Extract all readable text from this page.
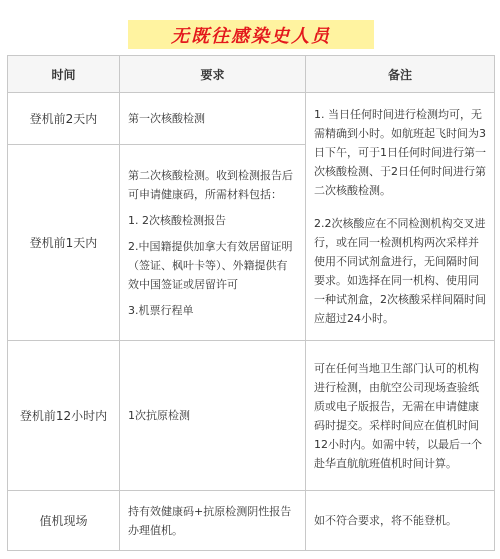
无既往感染史人员
时间	要求	备注
登机前2天内	第一次核酸检测	1. 当日任何时间进行检测均可，无需精确到小时。如航班起飞时间为3日下午，可于1日任何时间进行第一次核酸检测、于2日任何时间进行第二次核酸检测。

2.2次核酸应在不同检测机构交叉进行，或在同一检测机构两次采样并使用不同试剂盒进行，无间隔时间要求。如选择在同一机构、使用同一种试剂盒，2次核酸采样间隔时间应超过24小时。

登机前1天内	第二次核酸检测。收到检测报告后可申请健康码，所需材料包括：

1. 2次核酸检测报告

2.中国籍提供加拿大有效居留证明（签证、枫叶卡等）、外籍提供有效中国签证或居留许可

3.机票行程单	

登机前12小时内	1次抗原检测	可在任何当地卫生部门认可的机构进行检测，由航空公司现场查验纸质或电子版报告，无需在申请健康码时提交。采样时间应在值机时间12小时内。如需中转，以最后一个赴华直航航班值机时间计算。

值机现场	持有效健康码+抗原检测阴性报告办理值机。	如不符合要求，将不能登机。
